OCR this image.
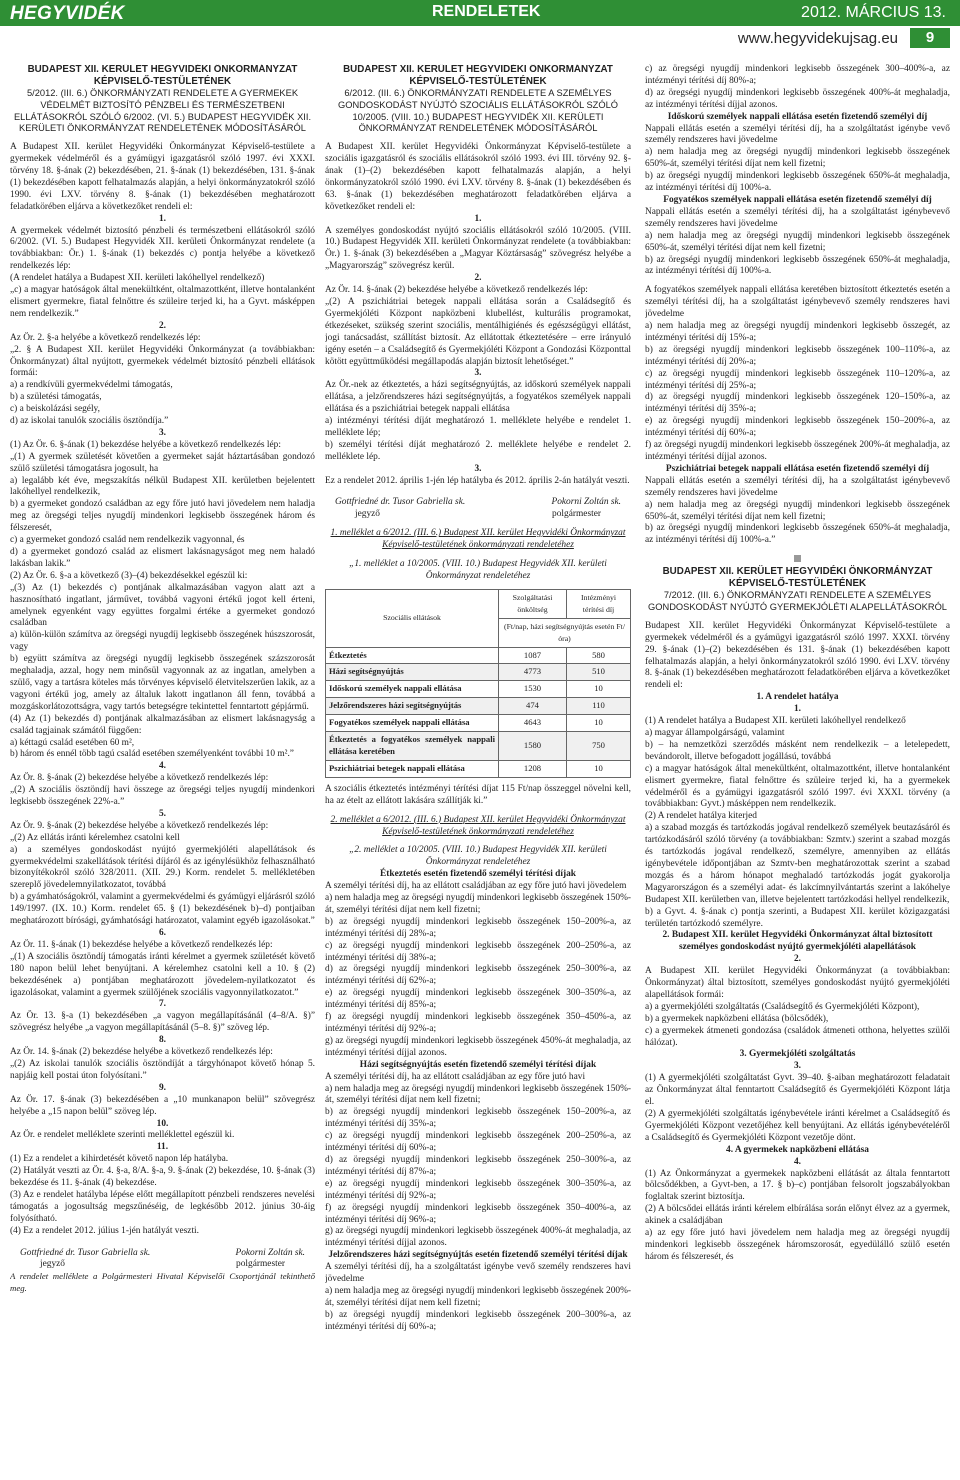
HEGYVIDÉK	RENDELETEK	2012. MÁRCIUS 13.
www.hegyvidekujsag.eu	9

BUDAPEST XII. KERÜLET HEGYVIDÉKI ÖNKORMÁNYZAT KÉPVISELŐ-TESTÜLETÉNEK

5/2012. (III. 6.) ÖNKORMÁNYZATI RENDELETE A GYERMEKEK VÉDELMÉT BIZTOSÍTÓ PÉNZBELI ÉS TERMÉSZETBENI ELLÁTÁSOKRÓL SZÓLÓ 6/2002. (VI. 5.) BUDAPEST HEGYVIDÉK XII. KERÜLETI ÖNKORMÁNYZAT RENDELETÉNEK MÓDOSÍTÁSÁRÓL

A Budapest XII. kerület Hegyvidéki Önkormányzat Képviselő-testülete a gyermekek védelméről és a gyámügyi igazgatásról szóló 1997. évi XXXI. törvény 18. §-ának (2) bekezdésében, 21. §-ának (1) bekezdésében, 131. §-ának (1) bekezdésében kapott felhatalmazás alapján, a helyi önkormányzatokról szóló 1990. évi LXV. törvény 8. §-ának (1) bekezdésében meghatározott feladatkörében eljárva a következőket rendeli el:

1.

A gyermekek védelmét biztosító pénzbeli és természetbeni ellátásokról szóló 6/2002. (VI. 5.) Budapest Hegyvidék XII. kerületi Önkormányzat rendelete (a továbbiakban: Ör.) 1. §-ának (1) bekezdés c) pontja helyébe a következő rendelkezés lép:

(A rendelet hatálya a Budapest XII. kerületi lakóhellyel rendelkező)

„c) a magyar hatóságok által menekültként, oltalmazottként, illetve hontalanként elismert gyermekre, fiatal felnőttre és szüleire terjed ki, ha a Gyvt. másképpen nem rendelkezik.”

2.

Az Ör. 2. §-a helyébe a következő rendelkezés lép:

„2. § A Budapest XII. kerület Hegyvidéki Önkormányzat (a továbbiakban: Önkormányzat) által nyújtott, gyermekek védelmét biztosító pénzbeli ellátások formái:

a) a rendkívüli gyermekvédelmi támogatás,

b) a születési támogatás,

c) a beiskolázási segély,

d) az iskolai tanulók szociális ösztöndíja.”

3.

(1) Az Ör. 6. §-ának (1) bekezdése helyébe a következő rendelkezés lép:

„(1) A gyermek születését követően a gyermeket saját háztartásában gondozó szülő születési támogatásra jogosult, ha

a) legalább két éve, megszakítás nélkül Budapest XII. kerületben bejelentett lakóhellyel rendelkezik,

b) a gyermeket gondozó családban az egy főre jutó havi jövedelem nem haladja meg az öregségi teljes nyugdíj mindenkori legkisebb összegének három és félszeresét,

c) a gyermeket gondozó család nem rendelkezik vagyonnal, és

d) a gyermeket gondozó család az elismert lakásnagyságot meg nem haladó lakásban lakik.”

(2) Az Ör. 6. §-a a következő (3)–(4) bekezdésekkel egészül ki:

„(3) Az (1) bekezdés c) pontjának alkalmazásában vagyon alatt azt a hasznosítható ingatlant, járművet, továbbá vagyoni értékű jogot kell érteni, amelynek egyenként vagy együttes forgalmi értéke a gyermeket gondozó családban

a) külön-külön számítva az öregségi nyugdíj legkisebb összegének húszszorosát, vagy

b) együtt számítva az öregségi nyugdíj legkisebb összegének százszorosát meghaladja, azzal, hogy nem minősül vagyonnak az az ingatlan, amelyben a szülő, vagy a tartásra köteles más törvényes képviselő életvitelszerűen lakik, az a vagyoni értékű jog, amely az általuk lakott ingatlanon áll fenn, továbbá a mozgáskorlátozottságra, vagy tartós betegségre tekintettel fenntartott gépjármű.

(4) Az (1) bekezdés d) pontjának alkalmazásában az elismert lakásnagyság a család tagjainak számától függően:

a) kéttagú család esetében 60 m²,

b) három és ennél több tagú család esetében személyenként további 10 m².”

4.

Az Ör. 8. §-ának (2) bekezdése helyébe a következő rendelkezés lép:

„(2) A szociális ösztöndíj havi összege az öregségi teljes nyugdíj mindenkori legkisebb összegének 22%-a.”

5.

Az Ör. 9. §-ának (2) bekezdése helyébe a következő rendelkezés lép:

„(2) Az ellátás iránti kérelemhez csatolni kell

a) a személyes gondoskodást nyújtó gyermekjóléti alapellátások és gyermekvédelmi szakellátások térítési díjáról és az igénylésükhöz felhasználható bizonyítékokról szóló 328/2011. (XII. 29.) Korm. rendelet 5. mellékletében szereplő jövedelemnyilatkozatot, továbbá

b) a gyámhatóságokról, valamint a gyermekvédelmi és gyámügyi eljárásról szóló 149/1997. (IX. 10.) Korm. rendelet 65. § (1) bekezdésének b)–d) pontjaiban meghatározott bírósági, gyámhatósági határozatot, valamint egyéb igazolásokat.”

6.

Az Ör. 11. §-ának (1) bekezdése helyébe a következő rendelkezés lép:

„(1) A szociális ösztöndíj támogatás iránti kérelmet a gyermek születését követő 180 napon belül lehet benyújtani. A kérelemhez csatolni kell a 10. § (2) bekezdésének a) pontjában meghatározott jövedelem-nyilatkozatot és igazolásokat, valamint a gyermek szülőjének szociális vagyonnyilatkozatot.”

7.

Az Ör. 13. §-a (1) bekezdésében „a vagyon megállapításánál (4–8/A. §)” szövegrész helyébe „a vagyon megállapításánál (5–8. §)” szöveg lép.

8.

Az Ör. 14. §-ának (2) bekezdése helyébe a következő rendelkezés lép:

„(2) Az iskolai tanulók szociális ösztöndíját a tárgyhónapot követő hónap 5. napjáig kell postai úton folyósítani.”

9.

Az Ör. 17. §-ának (3) bekezdésében a „10 munkanapon belül” szövegrész helyébe a „15 napon belül” szöveg lép.

10.

Az Ör. e rendelet melléklete szerinti melléklettel egészül ki.

11.

(1) Ez a rendelet a kihirdetését követő napon lép hatályba.

(2) Hatályát veszti az Ör. 4. §-a, 8/A. §-a, 9. §-ának (2) bekezdése, 10. §-ának (3) bekezdése és 11. §-ának (4) bekezdése.

(3) Az e rendelet hatályba lépése előtt megállapított pénzbeli rendszeres nevelési támogatás a jogosultság megszűnéséig, de legkésőbb 2012. június 30-áig folyósítható.

(4) Ez a rendelet 2012. július 1-jén hatályát veszti.

Gottfriedné dr. Tusor Gabriella sk.	Pokorni Zoltán sk.
jegyző	polgármester

A rendelet melléklete a Polgármesteri Hivatal Képviselői Csoportjánál tekinthető meg.

BUDAPEST XII. KERÜLET HEGYVIDÉKI ÖNKORMÁNYZAT KÉPVISELŐ-TESTÜLETÉNEK

6/2012. (III. 6.) ÖNKORMÁNYZATI RENDELETE A SZEMÉLYES GONDOSKODÁST NYÚJTÓ SZOCIÁLIS ELLÁTÁSOKRÓL SZÓLÓ 10/2005. (VIII. 10.) BUDAPEST HEGYVIDÉK XII. KERÜLETI ÖNKORMÁNYZAT RENDELETÉNEK MÓDOSÍTÁSÁRÓL

A Budapest XII. kerület Hegyvidéki Önkormányzat Képviselő-testülete a szociális igazgatásról és szociális ellátásokról szóló 1993. évi III. törvény 92. §-ának (1)–(2) bekezdésében kapott felhatalmazás alapján, a helyi önkormányzatokról szóló 1990. évi LXV. törvény 8. §-ának (1) bekezdésében és 63. §-ának (1) bekezdésében meghatározott feladatkörében eljárva a következőket rendeli el:

1.

A személyes gondoskodást nyújtó szociális ellátásokról szóló 10/2005. (VIII. 10.) Budapest Hegyvidék XII. kerületi Önkormányzat rendelete (a továbbiakban: Ör.) 1. §-ának (3) bekezdésében a „Magyar Köztársaság” szövegrész helyébe a „Magyarország” szövegrész kerül.

2.

Az Ör. 14. §-ának (2) bekezdése helyébe a következő rendelkezés lép:

„(2) A pszichiátriai betegek nappali ellátása során a Családsegítő és Gyermekjóléti Központ napközbeni klubellést, kulturális programokat, étkezéseket, szükség szerint szociális, mentálhigiénés és egészségügyi ellátást, jogi tanácsadást, szállítást biztosít. Az ellátottak étkeztetésére – erre irányuló igény esetén – a Családsegítő és Gyermekjóléti Központ a Gondozási Központtal kötött együttműködési megállapodás alapján biztosít lehetőséget.”

3.

Az Ör.-nek az étkeztetés, a házi segítségnyújtás, az időskorú személyek nappali ellátása, a jelzőrendszeres házi segítségnyújtás, a fogyatékos személyek nappali ellátása és a pszichiátriai betegek nappali ellátása

a) intézményi térítési díját meghatározó 1. melléklete helyébe e rendelet 1. melléklete lép;

b) személyi térítési díját meghatározó 2. melléklete helyébe e rendelet 2. melléklete lép.

3.

Ez a rendelet 2012. április 1-jén lép hatályba és 2012. április 2-án hatályát veszti.

Gottfriedné dr. Tusor Gabriella sk.	Pokorni Zoltán sk.
jegyző	polgármester

1. melléklet a 6/2012. (III. 6.) Budapest XII. kerület Hegyvidéki Önkormányzat Képviselő-testületének önkormányzati rendeletéhez

„1. melléklet a 10/2005. (VIII. 10.) Budapest Hegyvidék XII. kerületi Önkormányzat rendeletéhez

Szociális ellátások	Szolgáltatási önköltség	Intézményi térítési díj
	(Ft/nap, házi segítségnyújtás esetén Ft/óra)	
Étkeztetés	1087	580
Házi segítségnyújtás	4773	510
Időskorú személyek nappali ellátása	1530	10
Jelzőrendszeres házi segítségnyújtás	474	110
Fogyatékos személyek nappali ellátása	4643	10
Étkeztetés a fogyatékos személyek nappali ellátása keretében	1580	750
Pszichiátriai betegek nappali ellátása	1208	10

A szociális étkeztetés intézményi térítési díjat 115 Ft/nap összeggel növelni kell, ha az ételt az ellátott lakására szállítják ki.”

2. melléklet a 6/2012. (III. 6.) Budapest XII. kerület Hegyvidéki Önkormányzat Képviselő-testületének önkormányzati rendeletéhez

„2. melléklet a 10/2005. (VIII. 10.) Budapest Hegyvidék XII. kerületi Önkormányzat rendeletéhez

Étkeztetés esetén fizetendő személyi térítési díjak

A személyi térítési díj, ha az ellátott családjában az egy főre jutó havi jövedelem

a) nem haladja meg az öregségi nyugdíj mindenkori legkisebb összegének 150%-át, személyi térítési díjat nem kell fizetni;

b) az öregségi nyugdíj mindenkori legkisebb összegének 150–200%-a, az intézményi térítési díj 28%-a;

c) az öregségi nyugdíj mindenkori legkisebb összegének 200–250%-a, az intézményi térítési díj 38%-a;

d) az öregségi nyugdíj mindenkori legkisebb összegének 250–300%-a, az intézményi térítési díj 62%-a;

e) az öregségi nyugdíj mindenkori legkisebb összegének 300–350%-a, az intézményi térítési díj 85%-a;

f) az öregségi nyugdíj mindenkori legkisebb összegének 350–450%-a, az intézményi térítési díj 92%-a;

g) az öregségi nyugdíj mindenkori legkisebb összegének 450%-át meghaladja, az intézményi térítési díjjal azonos.

Házi segítségnyújtás esetén fizetendő személyi térítési díjak

A személyi térítési díj, ha az ellátott családjában az egy főre jutó havi

a) nem haladja meg az öregségi nyugdíj mindenkori legkisebb összegének 150%-át, személyi térítési díjat nem kell fizetni;

b) az öregségi nyugdíj mindenkori legkisebb összegének 150–200%-a, az intézményi térítési díj 35%-a;

c) az öregségi nyugdíj mindenkori legkisebb összegének 200–250%-a, az intézményi térítési díj 60%-a;

d) az öregségi nyugdíj mindenkori legkisebb összegének 250–300%-a, az intézményi térítési díj 87%-a;

e) az öregségi nyugdíj mindenkori legkisebb összegének 300–350%-a, az intézményi térítési díj 92%-a;

f) az öregségi nyugdíj mindenkori legkisebb összegének 350–400%-a, az intézményi térítési díj 96%-a;

g) az öregségi nyugdíj mindenkori legkisebb összegének 400%-át meghaladja, az intézményi térítési díjjal azonos.

Jelzőrendszeres házi segítségnyújtás esetén fizetendő személyi térítési díjak

A személyi térítési díj, ha a szolgáltatást igénybe vevő személy rendszeres havi jövedelme

a) nem haladja meg az öregségi nyugdíj mindenkori legkisebb összegének 200%-át, személyi térítési díjat nem kell fizetni;

b) az öregségi nyugdíj mindenkori legkisebb összegének 200–300%-a, az intézményi térítési díj 60%-a;

c) az öregségi nyugdíj mindenkori legkisebb összegének 300–400%-a, az intézményi térítési díj 80%-a;

d) az öregségi nyugdíj mindenkori legkisebb összegének 400%-át meghaladja, az intézményi térítési díjjal azonos.

Időskorú személyek nappali ellátása esetén fizetendő személyi díj

Nappali ellátás esetén a személyi térítési díj, ha a szolgáltatást igénybe vevő személy rendszeres havi jövedelme

a) nem haladja meg az öregségi nyugdíj mindenkori legkisebb összegének 650%-át, személyi térítési díjat nem kell fizetni;

b) az öregségi nyugdíj mindenkori legkisebb összegének 650%-át meghaladja, az intézményi térítési díj 100%-a.

Fogyatékos személyek nappali ellátása esetén fizetendő személyi díj

Nappali ellátás esetén a személyi térítési díj, ha a szolgáltatást igénybevevő személy rendszeres havi jövedelme

a) nem haladja meg az öregségi nyugdíj mindenkori legkisebb összegének 650%-át, személyi térítési díjat nem kell fizetni;

b) az öregségi nyugdíj mindenkori legkisebb összegének 650%-át meghaladja, az intézményi térítési díj 100%-a.

A fogyatékos személyek nappali ellátása keretében biztosított étkeztetés esetén a személyi térítési díj, ha a szolgáltatást igénybevevő személy rendszeres havi jövedelme

a) nem haladja meg az öregségi nyugdíj mindenkori legkisebb összegét, az intézményi térítési díj 15%-a;

b) az öregségi nyugdíj mindenkori legkisebb összegének 100–110%-a, az intézményi térítési díj 20%-a;

c) az öregségi nyugdíj mindenkori legkisebb összegének 110–120%-a, az intézményi térítési díj 25%-a;

d) az öregségi nyugdíj mindenkori legkisebb összegének 120–150%-a, az intézményi térítési díj 35%-a;

e) az öregségi nyugdíj mindenkori legkisebb összegének 150–200%-a, az intézményi térítési díj 60%-a;

f) az öregségi nyugdíj mindenkori legkisebb összegének 200%-át meghaladja, az intézményi térítési díjjal azonos.

Pszichiátriai betegek nappali ellátása esetén fizetendő személyi díj

Nappali ellátás esetén a személyi térítési díj, ha a szolgáltatást igénybevevő személy rendszeres havi jövedelme

a) nem haladja meg az öregségi nyugdíj mindenkori legkisebb összegének 650%-át, személyi térítési díjat nem kell fizetni;

b) az öregségi nyugdíj mindenkori legkisebb összegének 650%-át meghaladja, az intézményi térítési díj 100%-a.”

BUDAPEST XII. KERÜLET HEGYVIDÉKI ÖNKORMÁNYZAT KÉPVISELŐ-TESTÜLETÉNEK

7/2012. (III. 6.) ÖNKORMÁNYZATI RENDELETE A SZEMÉLYES GONDOSKODÁST NYÚJTÓ GYERMEKJÓLÉTI ALAPELLÁTÁSOKRÓL

Budapest XII. kerület Hegyvidéki Önkormányzat Képviselő-testülete a gyermekek védelméről és a gyámügyi igazgatásról szóló 1997. XXXI. törvény 29. §-ának (1)–(2) bekezdésében és 131. §-ának (1) bekezdésében kapott felhatalmazás alapján, a helyi önkormányzatokról szóló 1990. évi LXV. törvény 8. §-ának (1) bekezdésében meghatározott feladatkörében eljárva a következőket rendeli el:

1. A rendelet hatálya

1.

(1) A rendelet hatálya a Budapest XII. kerületi lakóhellyel rendelkező

a) magyar állampolgárságú, valamint

b) – ha nemzetközi szerződés másként nem rendelkezik – a letelepedett, bevándorolt, illetve befogadott jogállású, továbbá

c) a magyar hatóságok által menekültként, oltalmazottként, illetve hontalanként elismert gyermekre, fiatal felnőttre és szüleire terjed ki, ha a gyermekek védelméről és a gyámügyi igazgatásról szóló 1997. évi XXXI. törvény (a továbbiakban: Gyvt.) másképpen nem rendelkezik.

(2) A rendelet hatálya kiterjed

a) a szabad mozgás és tartózkodás jogával rendelkező személyek beutazásáról és tartózkodásáról szóló törvény (a továbbiakban: Szmtv.) szerint a szabad mozgás és tartózkodás jogával rendelkező, személyre, amennyiben az ellátás igénybevétele időpontjában az Szmtv-ben meghatározottak szerint a szabad mozgás és a három hónapot meghaladó tartózkodás jogát gyakorolja Magyarországon és a személyi adat- és lakcímnyilvántartás szerint a lakóhelye Budapest XII. kerületben van, illetve bejelentett tartózkodási hellyel rendelkezik,

b) a Gyvt. 4. §-ának c) pontja szerinti, a Budapest XII. kerület közigazgatási területén tartózkodó személyre.

2. Budapest XII. kerület Hegyvidéki Önkormányzat által biztosított személyes gondoskodást nyújtó gyermekjóléti alapellátások

2.

A Budapest XII. kerület Hegyvidéki Önkormányzat (a továbbiakban: Önkormányzat) által biztosított, személyes gondoskodást nyújtó gyermekjóléti alapellátások formái:

a) a gyermekjóléti szolgáltatás (Családsegítő és Gyermekjóléti Központ),

b) a gyermekek napközbeni ellátása (bölcsődék),

c) a gyermekek átmeneti gondozása (családok átmeneti otthona, helyettes szülői hálózat).

3. Gyermekjóléti szolgáltatás

3.

(1) A gyermekjóléti szolgáltatást Gyvt. 39–40. §-aiban meghatározott feladatait az Önkormányzat által fenntartott Családsegítő és Gyermekjóléti Központ látja el.

(2) A gyermekjóléti szolgáltatás igénybevétele iránti kérelmet a Családsegítő és Gyermekjóléti Központ vezetőjéhez kell benyújtani. Az ellátás igénybevételéről a Családsegítő és Gyermekjóléti Központ vezetője dönt.

4. A gyermekek napközbeni ellátása

4.

(1) Az Önkormányzat a gyermekek napközbeni ellátását az általa fenntartott bölcsődékben, a Gyvt-ben, a 17. § b)–c) pontjában felsorolt jogszabályokban foglaltak szerint biztosítja.

(2) A bölcsődei ellátás iránti kérelem elbírálása során előnyt élvez az a gyermek, akinek a családjában

a) az egy főre jutó havi jövedelem nem haladja meg az öregségi nyugdíj mindenkori legkisebb összegének háromszorosát, egyedülálló szülő esetén három és félszeresét, és
